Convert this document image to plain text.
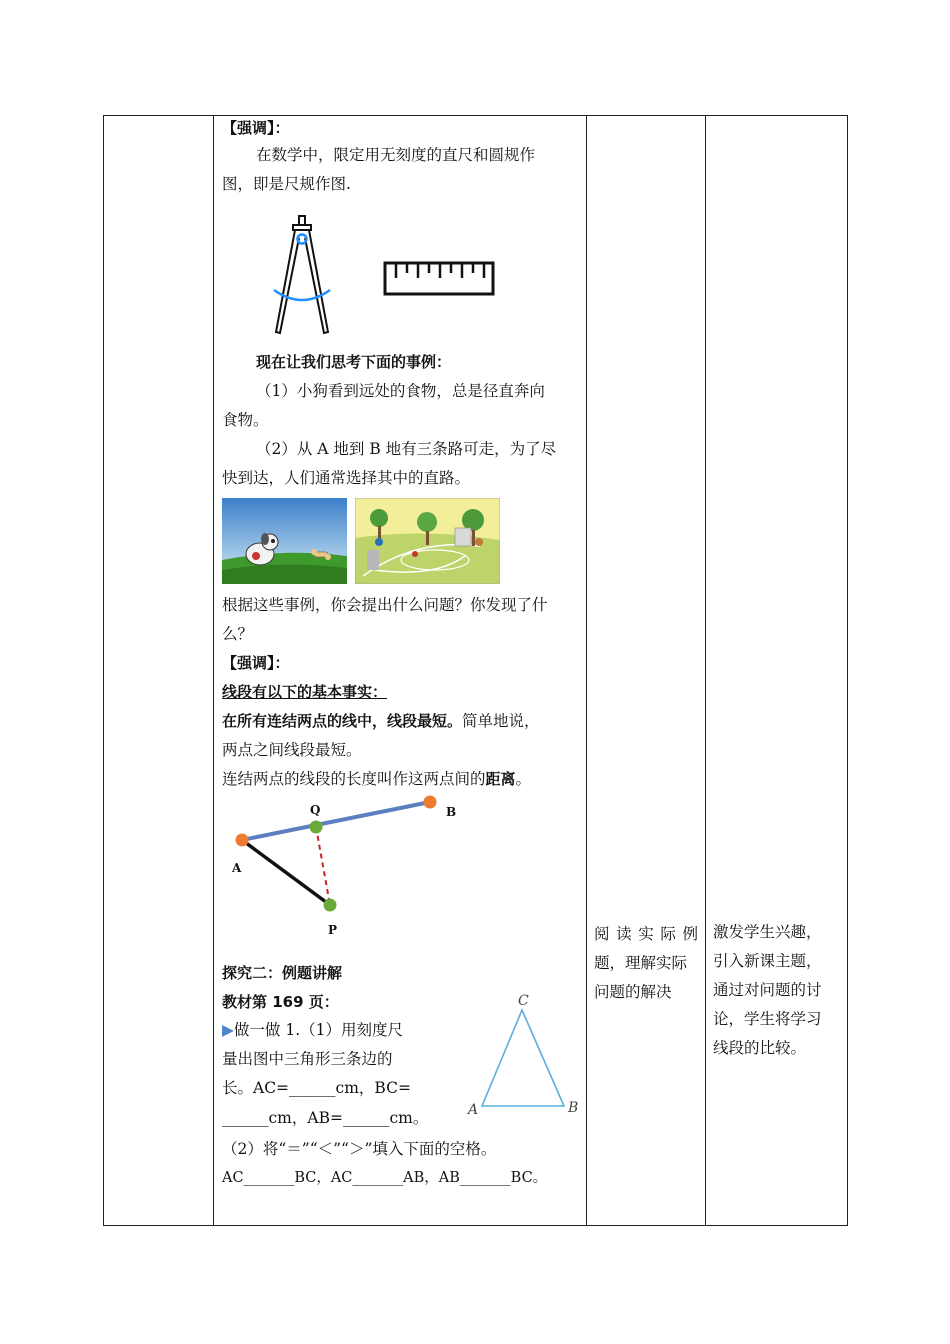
【强调】：
在数学中，限定用无刻度的直尺和圆规作
图，即是尺规作图.
现在让我们思考下面的事例：
（1）小狗看到远处的食物，总是径直奔向
食物。
（2）从 A 地到 B 地有三条路可走，为了尽
快到达，人们通常选择其中的直路。
根据这些事例，你会提出什么问题？你发现了什
么？
【强调】：
线段有以下的基本事实：
在所有连结两点的线中，线段最短。简单地说，
两点之间线段最短。
连结两点的线段的长度叫作这两点间的距离。
Q	B
A
P
探究二：例题讲解
教材第 169 页：
▶做一做 1.（1）用刻度尺
量出图中三角形三条边的
长。AC=______cm，BC=
______cm，AB=______cm。
C
A	B
（2）将“＝”“＜”“＞”填入下面的空格。
AC_______BC，AC_______AB，AB_______BC。
阅读实际例
题，理解实际
问题的解决
激发学生兴趣，
引入新课主题，
通过对问题的讨
论，学生将学习
线段的比较。
